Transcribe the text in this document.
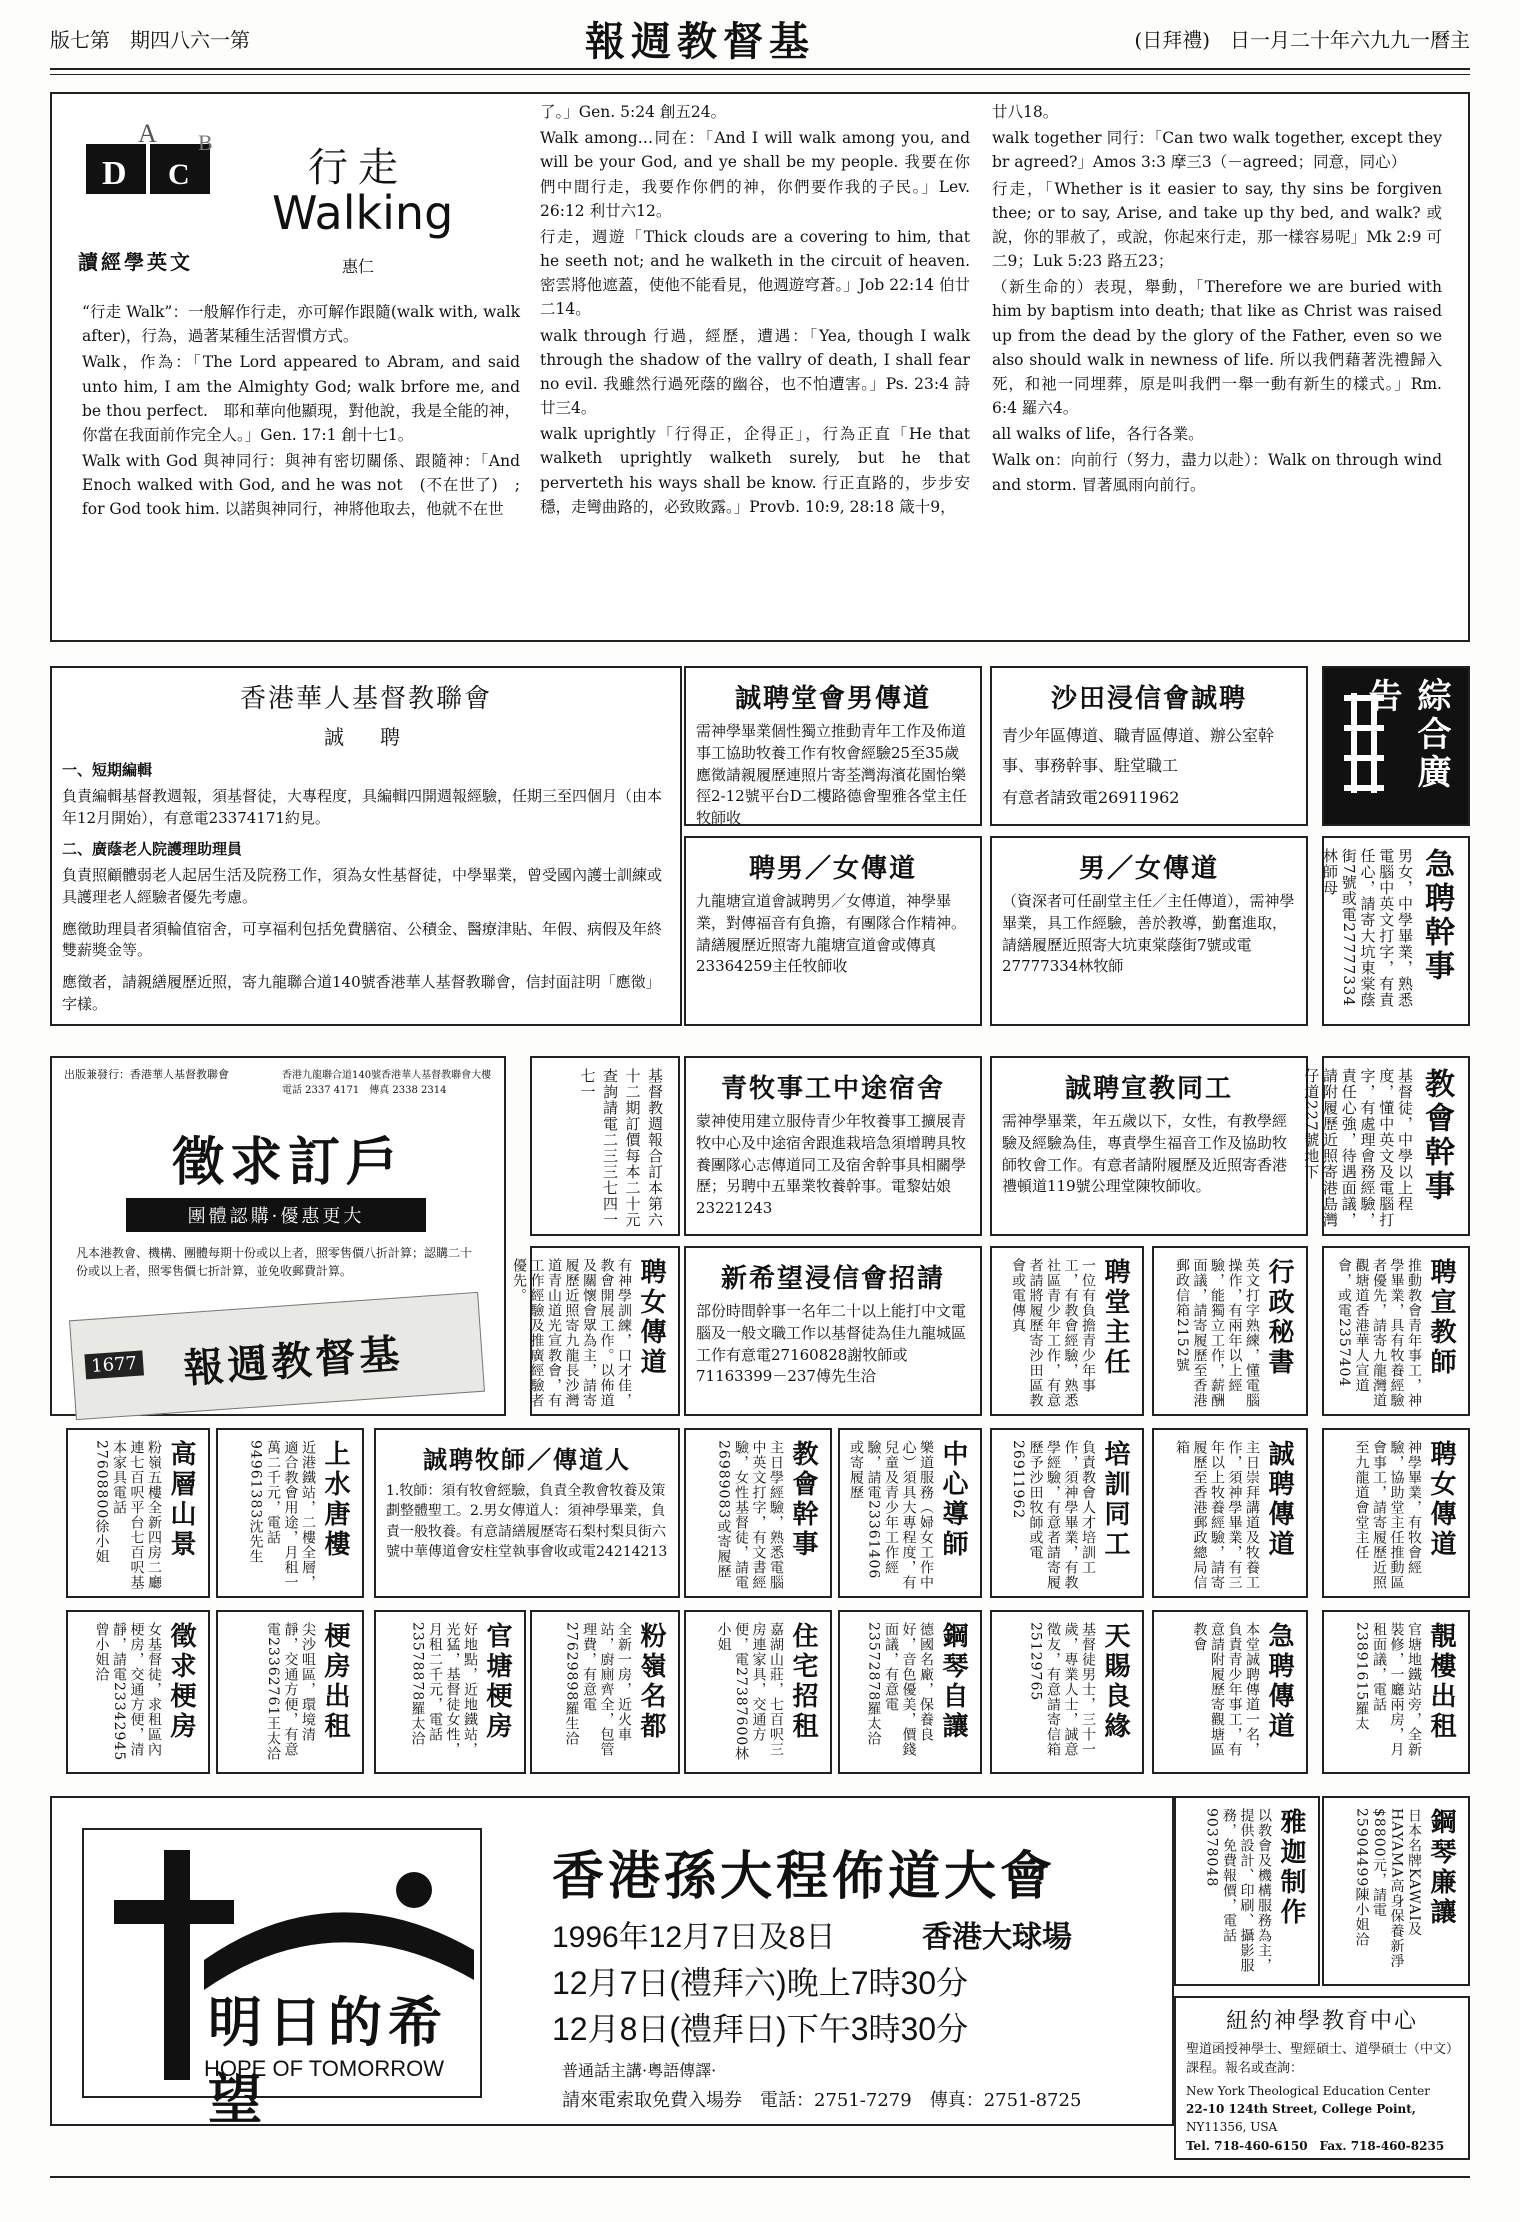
版七第　期四八六一第	報週教督基	(日拜禮)　日一月二十年六九九一曆主
D C
A B
讀經學英文
行走
Walking
惠仁

“行走 Walk”：一般解作行走，亦可解作跟隨(walk with, walk after)，行為，過著某種生活習慣方式。

Walk，作為：「The Lord appeared to Abram, and said unto him, I am the Almighty God; walk brfore me, and be thou perfect.　耶和華向他顯現，對他說，我是全能的神，你當在我面前作完全人。」Gen. 17:1 創十七1。

Walk with God 與神同行：與神有密切關係、跟隨神：「And Enoch walked with God, and he was not　(不在世了)　; for God took him. 以諾與神同行，神將他取去，他就不在世

了。」Gen. 5:24 創五24。

Walk among…同在：「And I will walk among you, and will be your God, and ye shall be my people. 我要在你們中間行走，我要作你們的神，你們要作我的子民。」Lev. 26:12 利廿六12。

行走，週遊「Thick clouds are a covering to him, that he seeth not; and he walketh in the circuit of heaven. 密雲將他遮蓋，使他不能看見，他週遊穹蒼。」Job 22:14 伯廿二14。

walk through 行過，經歷，遭遇：「Yea, though I walk through the shadow of the vallry of death, I shall fear no evil. 我雖然行過死蔭的幽谷，也不怕遭害。」Ps. 23:4 詩廿三4。

walk uprightly「行得正，企得正」，行為正直「He that walketh uprightly walketh surely, but he that perverteth his ways shall be know. 行正直路的，步步安穩，走彎曲路的，必致敗露。」Provb. 10:9, 28:18 箴十9，

廿八18。

walk together 同行：「Can two walk together, except they br agreed?」Amos 3:3 摩三3（－agreed；同意，同心）

行走，「Whether is it easier to say, thy sins be forgiven thee; or to say, Arise, and take up thy bed, and walk? 或說，你的罪赦了，或說，你起來行走，那一樣容易呢」Mk 2:9 可二9；Luk 5:23 路五23；

（新生命的）表現，舉動，「Therefore we are buried with him by baptism into death; that like as Christ was raised up from the dead by the glory of the Father, even so we also should walk in newness of life. 所以我們藉著洗禮歸入死，和祂一同埋葬，原是叫我們一舉一動有新生的樣式。」Rm. 6:4 羅六4。

all walks of life，各行各業。

Walk on：向前行（努力，盡力以赴）：Walk on through wind and storm. 冒著風雨向前行。

香港華人基督教聯會
誠　聘
一、短期編輯
負責編輯基督教週報，須基督徒，大專程度，具編輯四開週報經驗，任期三至四個月（由本年12月開始），有意電23374171約見。
二、廣蔭老人院護理助理員
負責照顧體弱老人起居生活及院務工作，須為女性基督徒，中學畢業，曾受國內護士訓練或具護理老人經驗者優先考慮。
應徵助理員者須輪值宿舍，可享福利包括免費膳宿、公積金、醫療津貼、年假、病假及年終雙薪獎金等。
應徵者，請親繕履歷近照，寄九龍聯合道140號香港華人基督教聯會，信封面註明「應徵」字樣。
誠聘堂會男傳道
需神學畢業個性獨立推動青年工作及佈道事工協助牧養工作有牧會經驗25至35歲應徵請親履歷連照片寄荃灣海濱花園怡樂徑2-12號平台D二樓路德會聖雅各堂主任牧師收
沙田浸信會誠聘
青少年區傳道、職青區傳道、辦公室幹事、事務幹事、駐堂職工
有意者請致電26911962
綜合廣告
聘男／女傳道
九龍塘宣道會誠聘男／女傳道，神學畢業，對傳福音有負擔，有團隊合作精神。請繕履歷近照寄九龍塘宣道會或傳真23364259主任牧師收
男／女傳道
（資深者可任副堂主任／主任傳道），需神學畢業，具工作經驗，善於教導，勤奮進取，請繕履歷近照寄大坑東棠蔭街7號或電27777334林牧師	急聘幹事
男女，中學畢業，熟悉電腦中英文打字，有責任心，請寄大坑東棠蔭街7號或電27777334林師母
出版兼發行：香港華人基督教聯會	香港九龍聯合道140號香港華人基督教聯會大樓　電話 2337 4171　傳真 2338 2314
徵求訂戶
團體認購·優惠更大
凡本港教會、機構、團體每期十份或以上者，照零售價八折計算；認購二十份或以上者，照零售價七折計算，並免收郵費計算。
報週教督基
1677
基督教週報合訂本第六十二期訂價每本二十元查詢請電二三三七四一七一	青牧事工中途宿舍
蒙神使用建立服侍青少年牧養事工擴展青牧中心及中途宿舍跟進栽培急須增聘具牧養團隊心志傳道同工及宿舍幹事具相關學歷；另聘中五畢業牧養幹事。電黎姑娘23221243
誠聘宣教同工
需神學畢業，年五歲以下，女性，有教學經驗及經驗為佳，專責學生福音工作及協助牧師牧會工作。有意者請附履歷及近照寄香港禮頓道119號公理堂陳牧師收。	教會幹事
基督徒，中學以上程度，懂中英文及電腦打字，有處理會務經驗，責任心強，待遇面議，請附履歷近照寄港島灣仔道227號地下
聘女傳道
有神學訓練，口才佳，教會開展工作。以佈道及關懷會眾為主，請寄履歷近照寄九龍長沙灣道青山道光宣教會，有工作經驗及推廣經驗者優先。	新希望浸信會招請
部份時間幹事一名年二十以上能打中文電腦及一般文職工作以基督徒為佳九龍城區工作有意電27160828謝牧師或71163399－237傅先生洽	聘堂主任
一位有負擔青少年事工，有教會經驗，熟悉社區青少年工作，有意者請將履歷寄沙田區教會或電傳真	行政秘書
英文打字熟練，懂電腦操作，有兩年以上經驗，能獨立工作，薪酬面議，請寄履歷至香港郵政信箱2152號	聘宣教師
推動教會青年事工，神學畢業，具有牧養經驗者優先，請寄九龍灣道觀塘道香港華人宣道會，或電2357404
高層山景
粉嶺五樓全新四房二廳連七百呎平台七百呎基本家具電話27608800徐小姐	上水唐樓
近港鐵站，二樓全層，適合教會用途，月租一萬二千元，電話94961383沈先生	誠聘牧師／傳道人
1.牧師：須有牧會經驗，負責全教會牧養及策劃整體聖工。2.男女傳道人：須神學畢業，負責一般牧養。有意請繕履歷寄石梨村梨貝街六號中華傳道會安柱堂執事會收或電24214213	教會幹事
主日學經驗，熟悉電腦中英文打字，有文書經驗，女性基督徒，請電26989083或寄履歷	中心導師
樂道服務（婦女工作中心）須具大專程度，有兒童及青少年工作經驗，請電23361406或寄履歷	培訓同工
負責教會人才培訓工作，須神學畢業，有教學經驗，有意者請寄履歷予沙田牧師或電26911962	誠聘傳道
主日崇拜講道及牧養工作，須神學畢業，有三年以上牧養經驗，請寄履歷至香港郵政總局信箱	聘女傳道
神學畢業，有牧會經驗，協助堂主任推動區會事工，請寄履歷近照至九龍道會堂主任
徵求梗房
女基督徒，求租區內梗房，交通方便，清靜，請電23342945曾小姐洽	梗房出租
尖沙咀區，環境清靜，交通方便，有意電23362761王太洽	官塘梗房
好地點，近地鐵站，光猛，基督徒女性，月租二千元，電話23578878羅太洽	粉嶺名都
全新一房，近火車站，廚廁齊全，包管理費，有意電27629898羅生洽	住宅招租
嘉湖山莊，七百呎三房連家具，交通方便，電27387600林小姐	鋼琴自讓
德國名廠，保養良好，音色優美，價錢面議，有意電23572878羅太洽	天賜良緣
基督徒男士，三十一歲，專業人士，誠意徵友，有意請寄信箱25129765	急聘傳道
本堂誠聘傳道一名，負責青少年事工，有意請附履歷寄觀塘區教會	靚樓出租
官塘地鐵站旁，全新裝修，一廳兩房，月租面議，電話23891615羅太
明日的希望
HOPE OF TOMORROW
香港孫大程佈道大會
1996年12月7日及8日	香港大球場
12月7日(禮拜六)晚上7時30分
12月8日(禮拜日)下午3時30分
普通話主講·粵語傳譯·
請來電索取免費入場券　電話：2751-7279　傳真：2751-8725
雅迦制作
以教會及機構服務為主，提供設計、印刷、攝影服務，免費報價，電話90378048	鋼琴廉讓
日本名牌KAWAI及HAYAMA高身保養新淨$8800元，請電25904499陳小姐洽
紐約神學教育中心
聖道函授神學士、聖經碩士、道學碩士（中文）課程。報名或查詢：
New York Theological Education Center
22-10 124th Street, College Point,
NY11356, USA
Tel. 718-460-6150　Fax. 718-460-8235
